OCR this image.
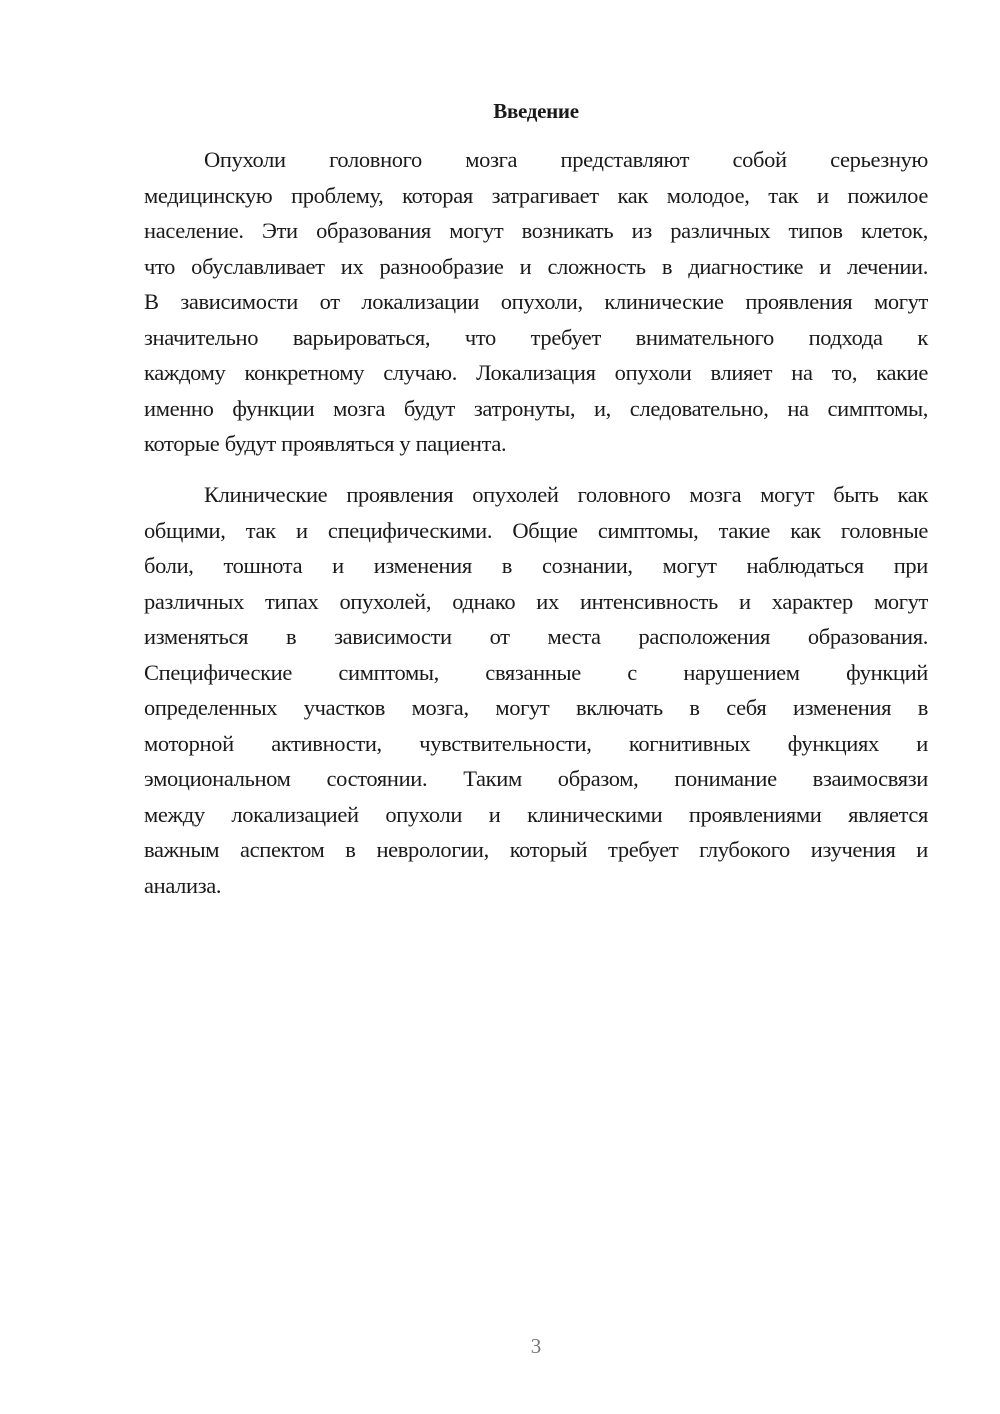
Введение
Опухоли головного мозга представляют собой серьезную
медицинскую проблему, которая затрагивает как молодое, так и пожилое
население. Эти образования могут возникать из различных типов клеток,
что обуславливает их разнообразие и сложность в диагностике и лечении.
В зависимости от локализации опухоли, клинические проявления могут
значительно варьироваться, что требует внимательного подхода к
каждому конкретному случаю. Локализация опухоли влияет на то, какие
именно функции мозга будут затронуты, и, следовательно, на симптомы,
которые будут проявляться у пациента.
Клинические проявления опухолей головного мозга могут быть как
общими, так и специфическими. Общие симптомы, такие как головные
боли, тошнота и изменения в сознании, могут наблюдаться при
различных типах опухолей, однако их интенсивность и характер могут
изменяться в зависимости от места расположения образования.
Специфические симптомы, связанные с нарушением функций
определенных участков мозга, могут включать в себя изменения в
моторной активности, чувствительности, когнитивных функциях и
эмоциональном состоянии. Таким образом, понимание взаимосвязи
между локализацией опухоли и клиническими проявлениями является
важным аспектом в неврологии, который требует глубокого изучения и
анализа.
3
